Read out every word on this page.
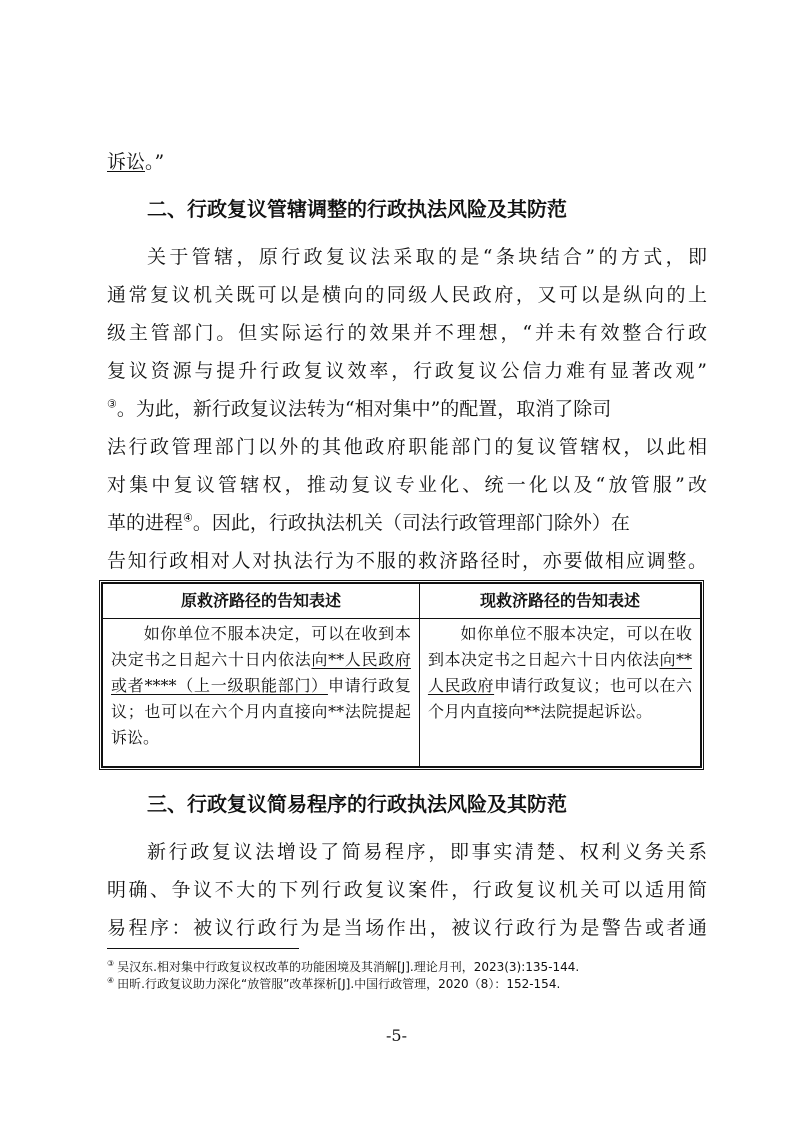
诉讼。”
二、行政复议管辖调整的行政执法风险及其防范
关于管辖，原行政复议法采取的是“条块结合”的方式，即
通常复议机关既可以是横向的同级人民政府，又可以是纵向的上
级主管部门。但实际运行的效果并不理想，“并未有效整合行政
复议资源与提升行政复议效率，行政复议公信力难有显著改观”
③。为此，新行政复议法转为“相对集中”的配置，取消了除司
法行政管理部门以外的其他政府职能部门的复议管辖权，以此相
对集中复议管辖权，推动复议专业化、统一化以及“放管服”改
革的进程④。因此，行政执法机关（司法行政管理部门除外）在
告知行政相对人对执法行为不服的救济路径时，亦要做相应调整。
原救济路径的告知表述	现救济路径的告知表述
如你单位不服本决定，可以在收到本决定书之日起六十日内依法向**人民政府或者****（上一级职能部门）申请行政复议；也可以在六个月内直接向**法院提起诉讼。	如你单位不服本决定，可以在收到本决定书之日起六十日内依法向**人民政府申请行政复议；也可以在六个月内直接向**法院提起诉讼。
三、行政复议简易程序的行政执法风险及其防范
新行政复议法增设了简易程序，即事实清楚、权利义务关系
明确、争议不大的下列行政复议案件，行政复议机关可以适用简
易程序：被议行政行为是当场作出，被议行政行为是警告或者通
③ 吴汉东.相对集中行政复议权改革的功能困境及其消解[J].理论月刊，2023(3):135-144.
④ 田昕.行政复议助力深化“放管服”改革探析[J].中国行政管理，2020（8）：152-154.
-5-
